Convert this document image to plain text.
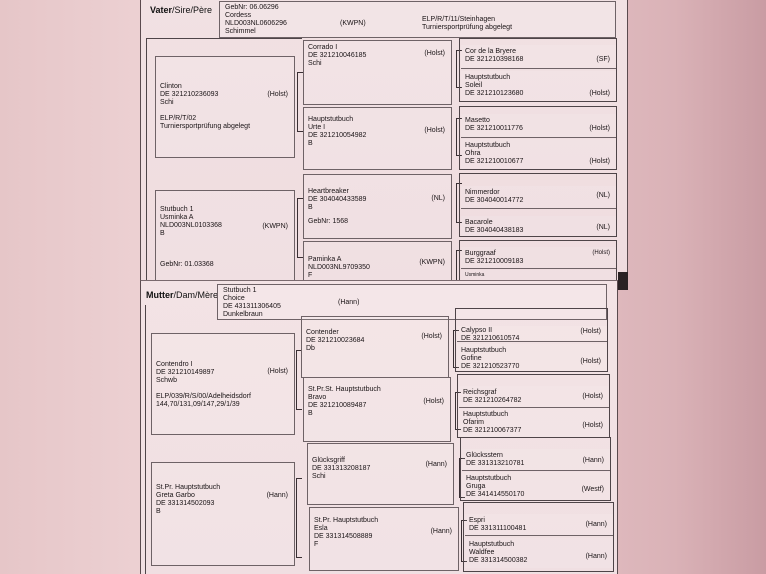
Vater/Sire/Père GebNr: 06.06296
Cordess
NLD003NL0606296
Schimmel
(KWPN)
ELP/R/T/11/Steinhagen
Turniersportprüfung abgelegt
Clinton
DE 321210236093
Schi
ELP/R/T/02
Turniersportprüfung abgelegt
(Holst)
Stutbuch 1
Usminka A
NLD003NL0103368
B
GebNr: 01.03368
(KWPN)
Corrado I
DE 321210046185
Schi
(Holst)
Hauptstutbuch
Urte I
DE 321210054982
B
(Holst)
Heartbreaker
DE 304040433589
B
GebNr: 1568
(NL)
Paminka A
NLD003NL9709350
F
(KWPN)
Cor de la Bryere
DE 321210398168	(SF)
Hauptstutbuch
Soleil
DE 321210123680	(Holst)
Masetto
DE 321210011776	(Holst)
Hauptstutbuch
Ohra
DE 321210010677	(Holst)
Nimmerdor
DE 304040014772
(NL)
Bacarole
DE 304040438183	(NL)
Burggraaf
DE 321210009183
(Holst)
Usminka
Mutter/Dam/Mère Stutbuch 1
Choice
DE 431311306405
Dunkelbraun
(Hann)
Contendro I
DE 321210149897
Schwb
ELP/039/R/S/00/Adelheidsdorf
144,70/131,09/147,29/1/39
(Holst)
St.Pr. Hauptstutbuch
Greta Garbo
DE 331314502093
B
(Hann)
Contender
DE 321210023684
Db
(Holst)
St.Pr.St. Hauptstutbuch
Bravo
DE 321210089487
B
(Holst)
Glücksgriff
DE 331313208187
Schi
(Hann)
St.Pr. Hauptstutbuch
Esla
DE 331314508889
F
(Hann)
Calypso II
DE 321210610574
(Holst)
Hauptstutbuch
Gofine
DE 321210523770
(Holst)
Reichsgraf
DE 321210264782
(Holst)
Hauptstutbuch
Ofarim
DE 321210067377
(Holst)
Glücksstern
DE 331313210781	(Hann)
Hauptstutbuch
Gruga
DE 341414550170
(Westf)
Espri
DE 331311100481
(Hann)
Hauptstutbuch
Waldfee
DE 331314500382
(Hann)
